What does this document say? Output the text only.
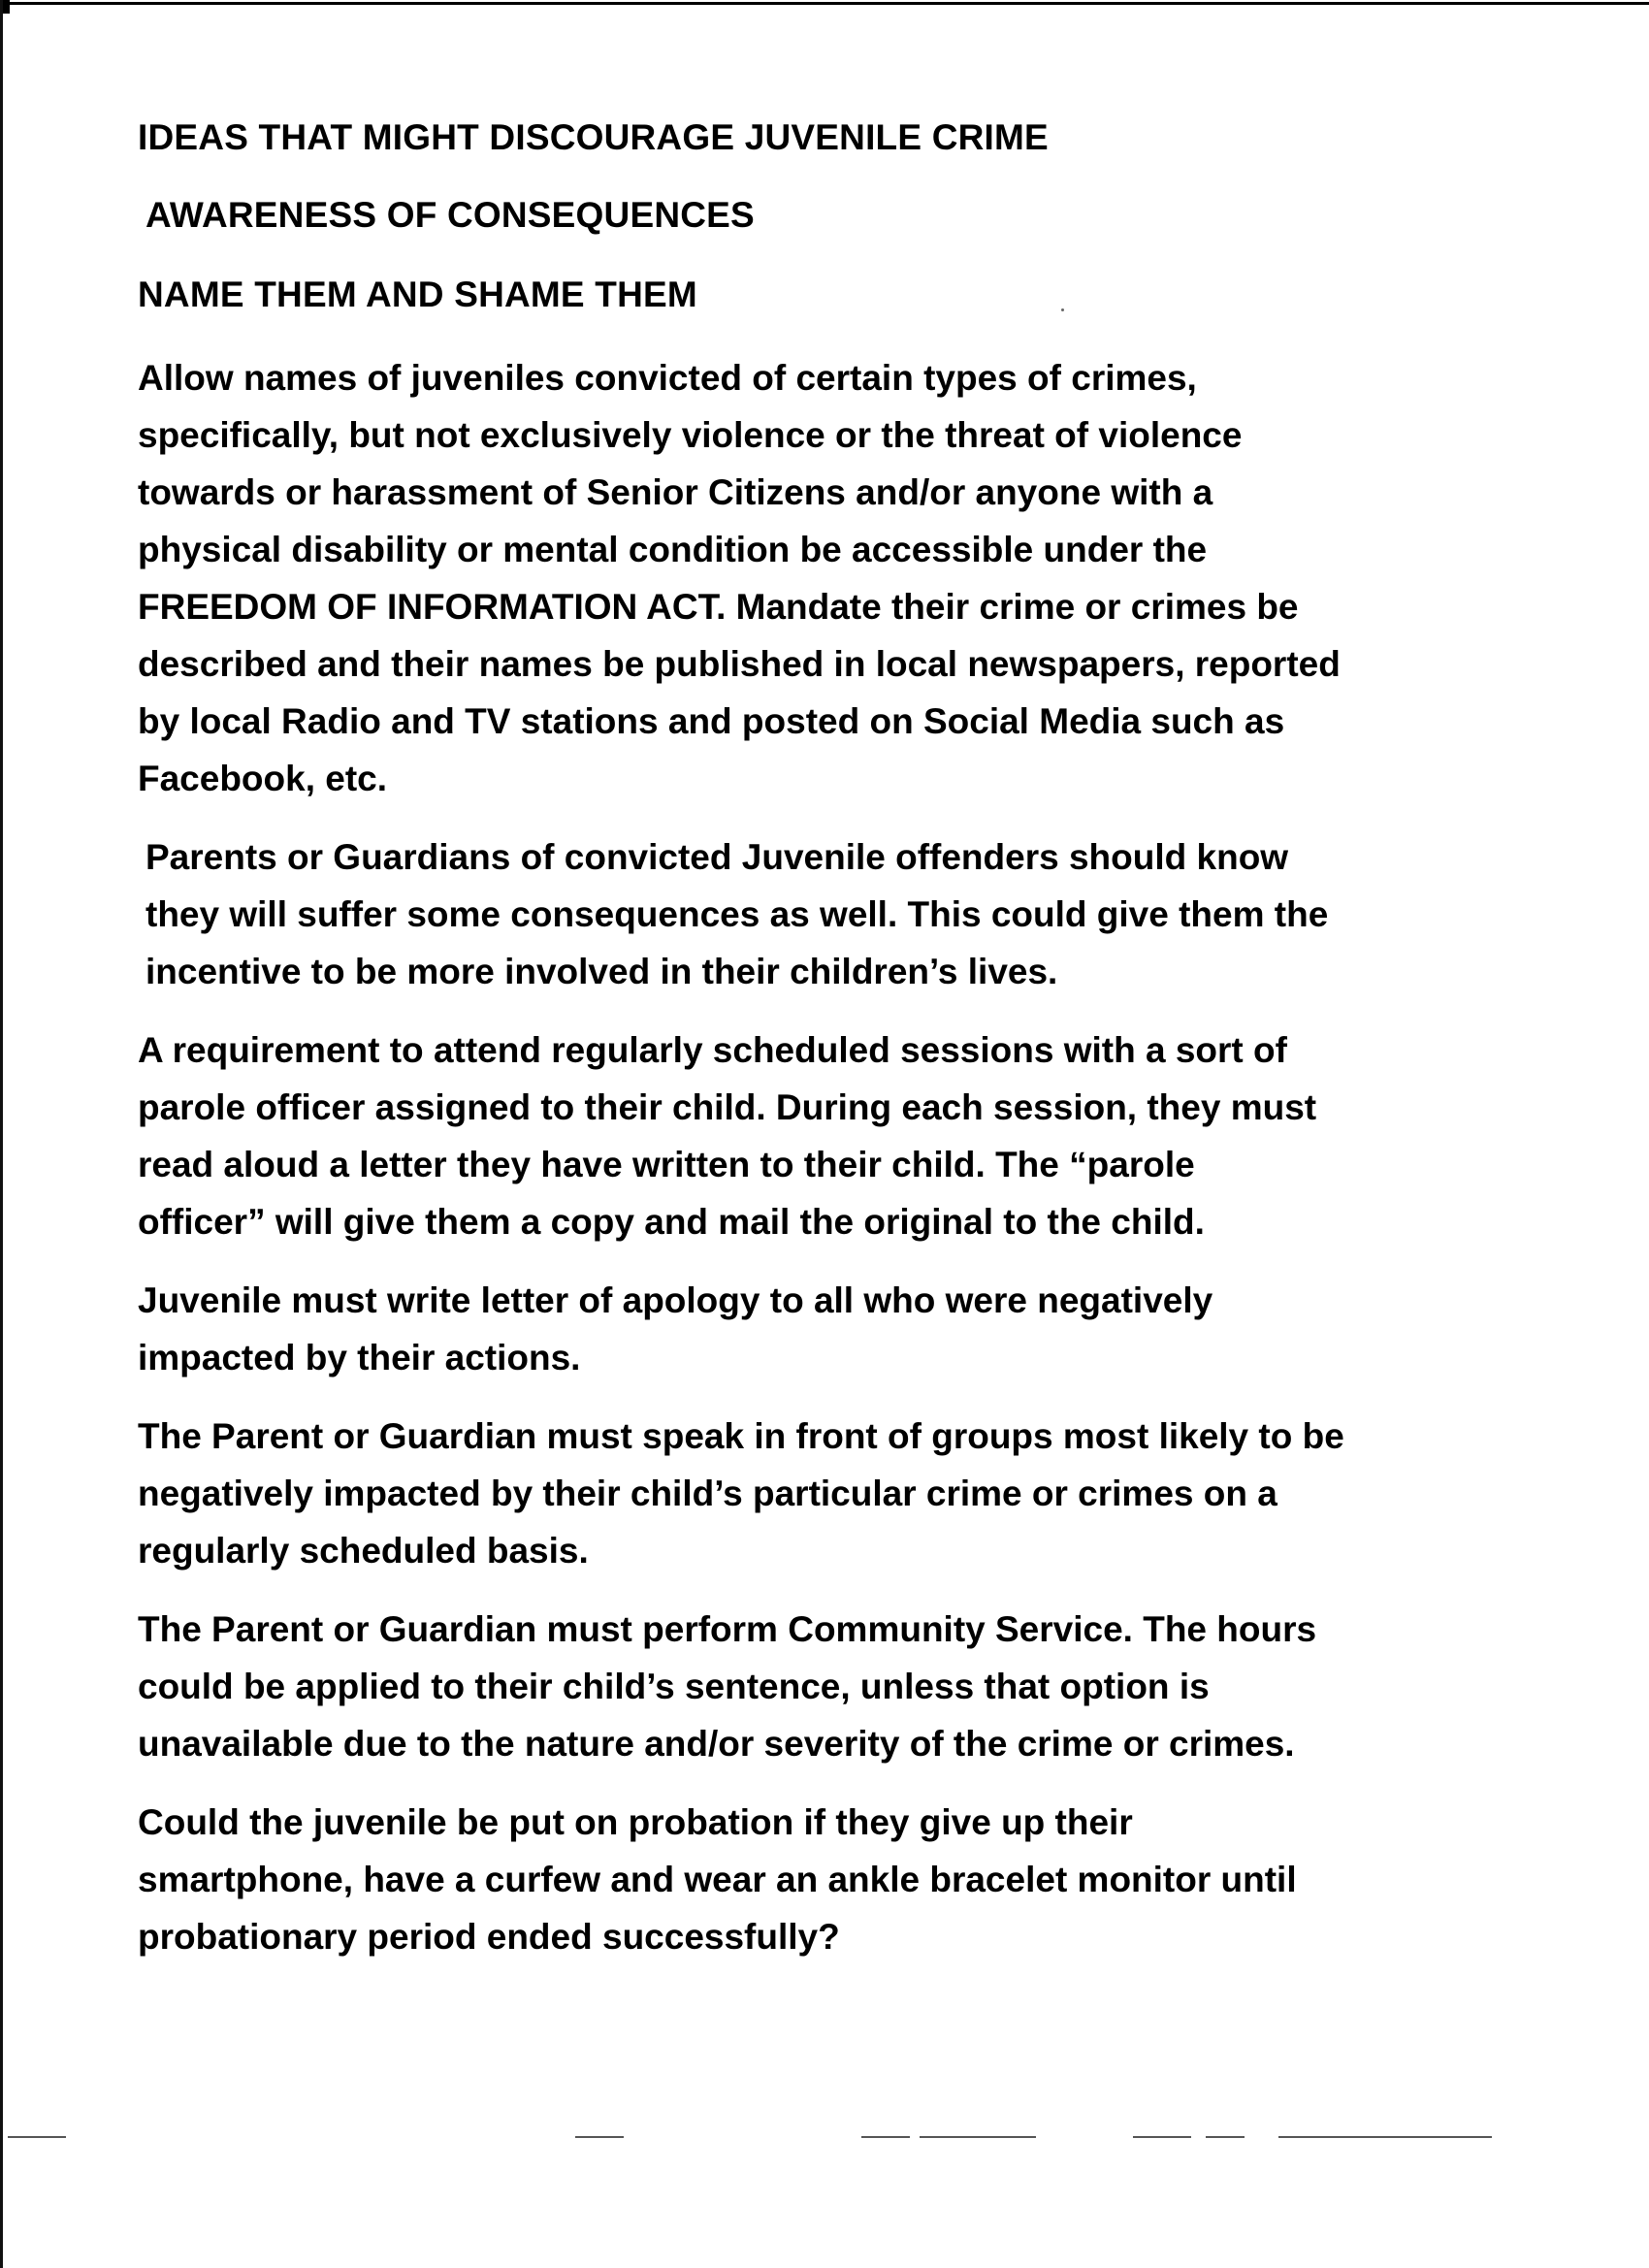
IDEAS THAT MIGHT DISCOURAGE JUVENILE CRIME
AWARENESS OF CONSEQUENCES
NAME THEM AND SHAME THEM

Allow names of juveniles convicted of certain types of crimes,
specifically, but not exclusively violence or the threat of violence
towards or harassment of Senior Citizens and/or anyone with a
physical disability or mental condition be accessible under the
FREEDOM OF INFORMATION ACT. Mandate their crime or crimes be
described and their names be published in local newspapers, reported
by local Radio and TV stations and posted on Social Media such as
Facebook, etc.

Parents or Guardians of convicted Juvenile offenders should know
they will suffer some consequences as well. This could give them the
incentive to be more involved in their children’s lives.

A requirement to attend regularly scheduled sessions with a sort of
parole officer assigned to their child. During each session, they must
read aloud a letter they have written to their child. The “parole
officer” will give them a copy and mail the original to the child.

Juvenile must write letter of apology to all who were negatively
impacted by their actions.

The Parent or Guardian must speak in front of groups most likely to be
negatively impacted by their child’s particular crime or crimes on a
regularly scheduled basis.

The Parent or Guardian must perform Community Service. The hours
could be applied to their child’s sentence, unless that option is
unavailable due to the nature and/or severity of the crime or crimes.

Could the juvenile be put on probation if they give up their
smartphone, have a curfew and wear an ankle bracelet monitor until
probationary period ended successfully?
